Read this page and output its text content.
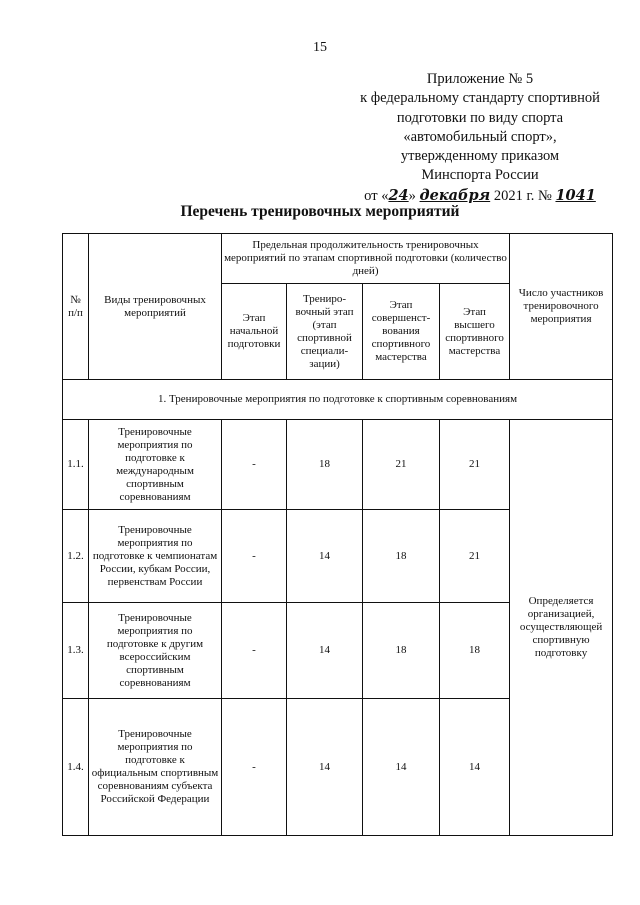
15
Приложение № 5
к федеральному стандарту спортивной
подготовки по виду спорта
«автомобильный спорт»,
утвержденному приказом
Минспорта России
от «24» декабря 2021 г. № 1041
Перечень тренировочных мероприятий
№ п/п	Виды тренировочных мероприятий	Предельная продолжительность тренировочных мероприятий по этапам спортивной подготовки (количество дней)				Число участников тренировочного мероприятия
		Этап начальной подготовки	Трениро-вочный этап (этап спортивной специали-зации)	Этап совершенст-вования спортивного мастерства	Этап высшего спортивного мастерства	
1. Тренировочные мероприятия по подготовке к спортивным соревнованиям						
1.1.	Тренировочные мероприятия по подготовке к международным спортивным соревнованиям	-	18	21	21	Определяется организацией, осуществляющей спортивную подготовку
1.2.	Тренировочные мероприятия по подготовке к чемпионатам России, кубкам России, первенствам России	-	14	18	21	
1.3.	Тренировочные мероприятия по подготовке к другим всероссийским спортивным соревнованиям	-	14	18	18	
1.4.	Тренировочные мероприятия по подготовке к официальным спортивным соревнованиям субъекта Российской Федерации	-	14	14	14	
